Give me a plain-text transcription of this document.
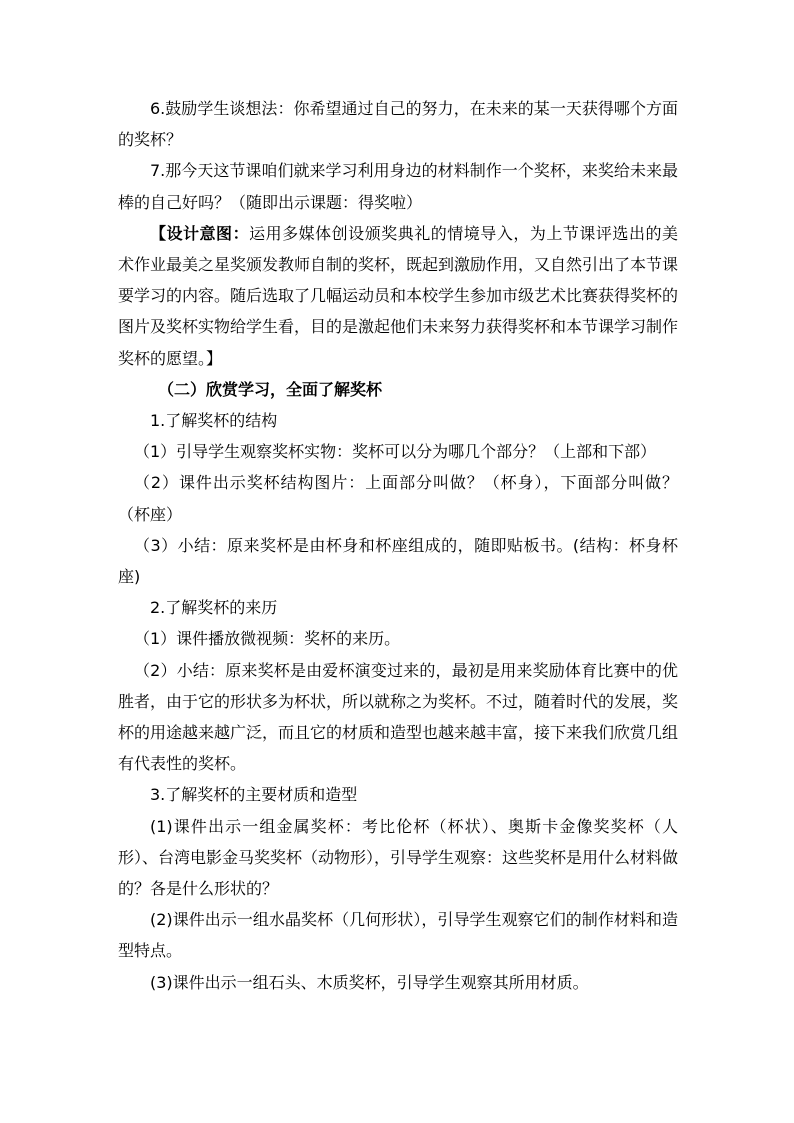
6.鼓励学生谈想法：你希望通过自己的努力，在未来的某一天获得哪个方面的奖杯？

7.那今天这节课咱们就来学习利用身边的材料制作一个奖杯，来奖给未来最棒的自己好吗？（随即出示课题：得奖啦）

【设计意图：运用多媒体创设颁奖典礼的情境导入，为上节课评选出的美术作业最美之星奖颁发教师自制的奖杯，既起到激励作用，又自然引出了本节课要学习的内容。随后选取了几幅运动员和本校学生参加市级艺术比赛获得奖杯的图片及奖杯实物给学生看，目的是激起他们未来努力获得奖杯和本节课学习制作奖杯的愿望。】

（二）欣赏学习，全面了解奖杯

1.了解奖杯的结构

（1）引导学生观察奖杯实物：奖杯可以分为哪几个部分？（上部和下部）

（2）课件出示奖杯结构图片：上面部分叫做？（杯身），下面部分叫做？（杯座）

（3）小结：原来奖杯是由杯身和杯座组成的，随即贴板书。(结构：杯身杯座)

2.了解奖杯的来历

（1）课件播放微视频：奖杯的来历。

（2）小结：原来奖杯是由爱杯演变过来的，最初是用来奖励体育比赛中的优胜者，由于它的形状多为杯状，所以就称之为奖杯。不过，随着时代的发展，奖杯的用途越来越广泛，而且它的材质和造型也越来越丰富，接下来我们欣赏几组有代表性的奖杯。

3.了解奖杯的主要材质和造型

(1)课件出示一组金属奖杯：考比伦杯（杯状）、奥斯卡金像奖奖杯（人形）、台湾电影金马奖奖杯（动物形），引导学生观察：这些奖杯是用什么材料做的？各是什么形状的？

(2)课件出示一组水晶奖杯（几何形状），引导学生观察它们的制作材料和造型特点。

(3)课件出示一组石头、木质奖杯，引导学生观察其所用材质。
